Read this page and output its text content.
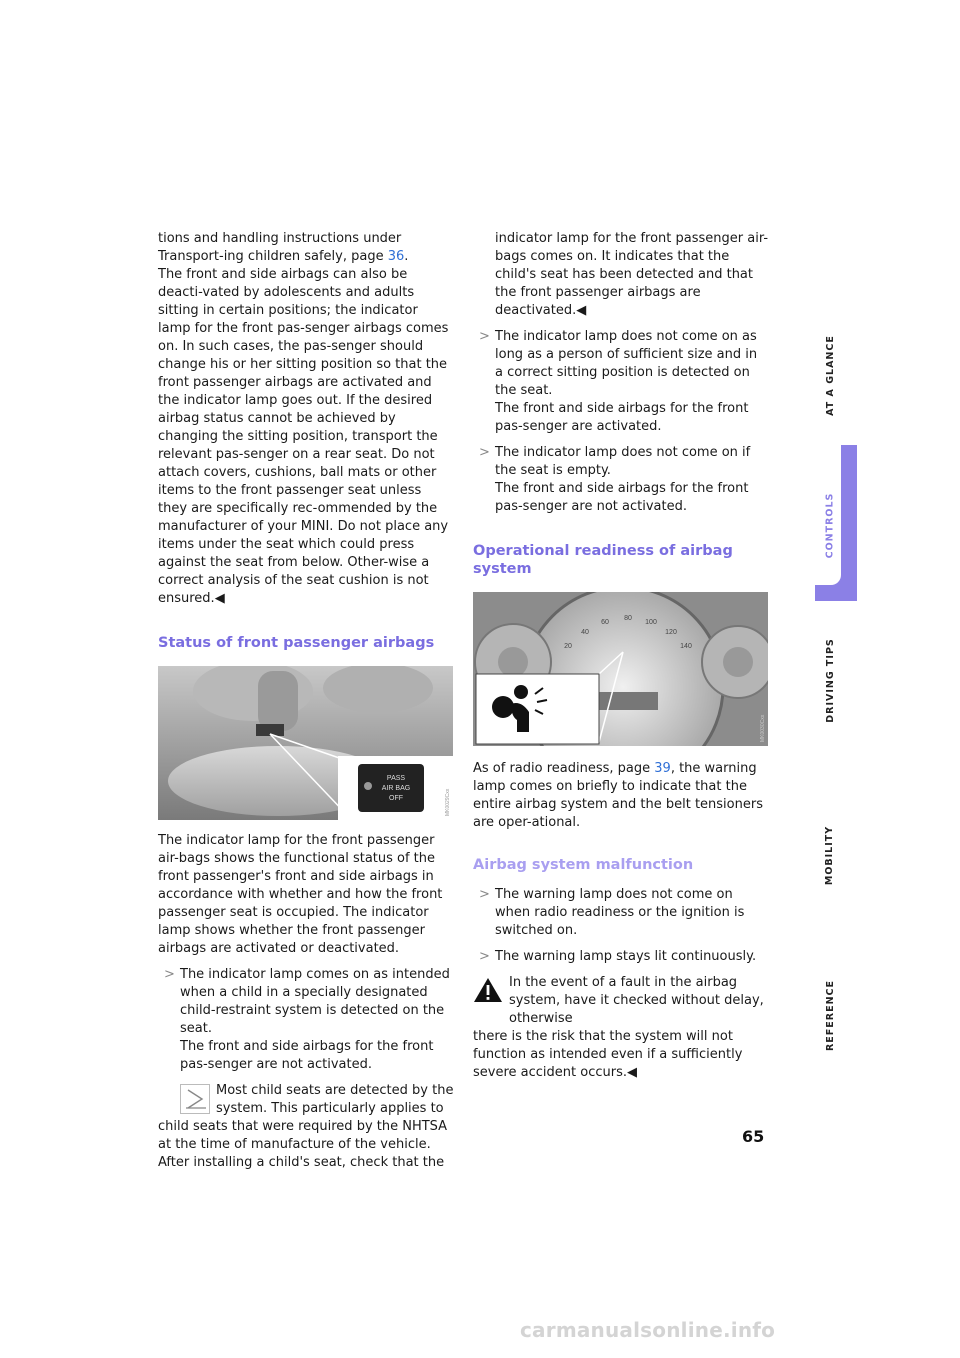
tions and handling instructions under Transport-ing children safely, page 36.

The front and side airbags can also be deacti-vated by adolescents and adults sitting in certain positions; the indicator lamp for the front pas-senger airbags comes on. In such cases, the pas-senger should change his or her sitting position so that the front passenger airbags are activated and the indicator lamp goes out. If the desired airbag status cannot be achieved by changing the sitting position, transport the relevant pas-senger on a rear seat. Do not attach covers, cushions, ball mats or other items to the front passenger seat unless they are specifically rec-ommended by the manufacturer of your MINI. Do not place any items under the seat which could press against the seat from below. Other-wise a correct analysis of the seat cushion is not ensured.◀

Status of front passenger airbags
PASS
AIR BAG
OFF	MK0029Cxx

The indicator lamp for the front passenger air-bags shows the functional status of the front passenger's front and side airbags in accordance with whether and how the front passenger seat is occupied. The indicator lamp shows whether the front passenger airbags are activated or deactivated.

> The indicator lamp comes on as intended when a child in a specially designated child-restraint system is detected on the seat.

The front and side airbags for the front pas-senger are not activated.

Most child seats are detected by the system. This particularly applies to

child seats that were required by the NHTSA at the time of manufacture of the vehicle. After installing a child's seat, check that the

indicator lamp for the front passenger air-bags comes on. It indicates that the child's seat has been detected and that the front passenger airbags are deactivated.◀
> The indicator lamp does not come on as long as a person of sufficient size and in a correct sitting position is detected on the seat.

The front and side airbags for the front pas-senger are activated.

> The indicator lamp does not come on if the seat is empty.

The front and side airbags for the front pas-senger are not activated.

Operational readiness of airbag system
20
40
60
80
100
120
140
MK0030Cxx

As of radio readiness, page 39, the warning lamp comes on briefly to indicate that the entire airbag system and the belt tensioners are oper-ational.

Airbag system malfunction
> The warning lamp does not come on when radio readiness or the ignition is switched on.

> The warning lamp stays lit continuously.

In the event of a fault in the airbag system, have it checked without delay, otherwise

there is the risk that the system will not function as intended even if a sufficiently severe accident occurs.◀

AT A GLANCE
CONTROLS
DRIVING TIPS
MOBILITY
REFERENCE
65
carmanualsonline.info
